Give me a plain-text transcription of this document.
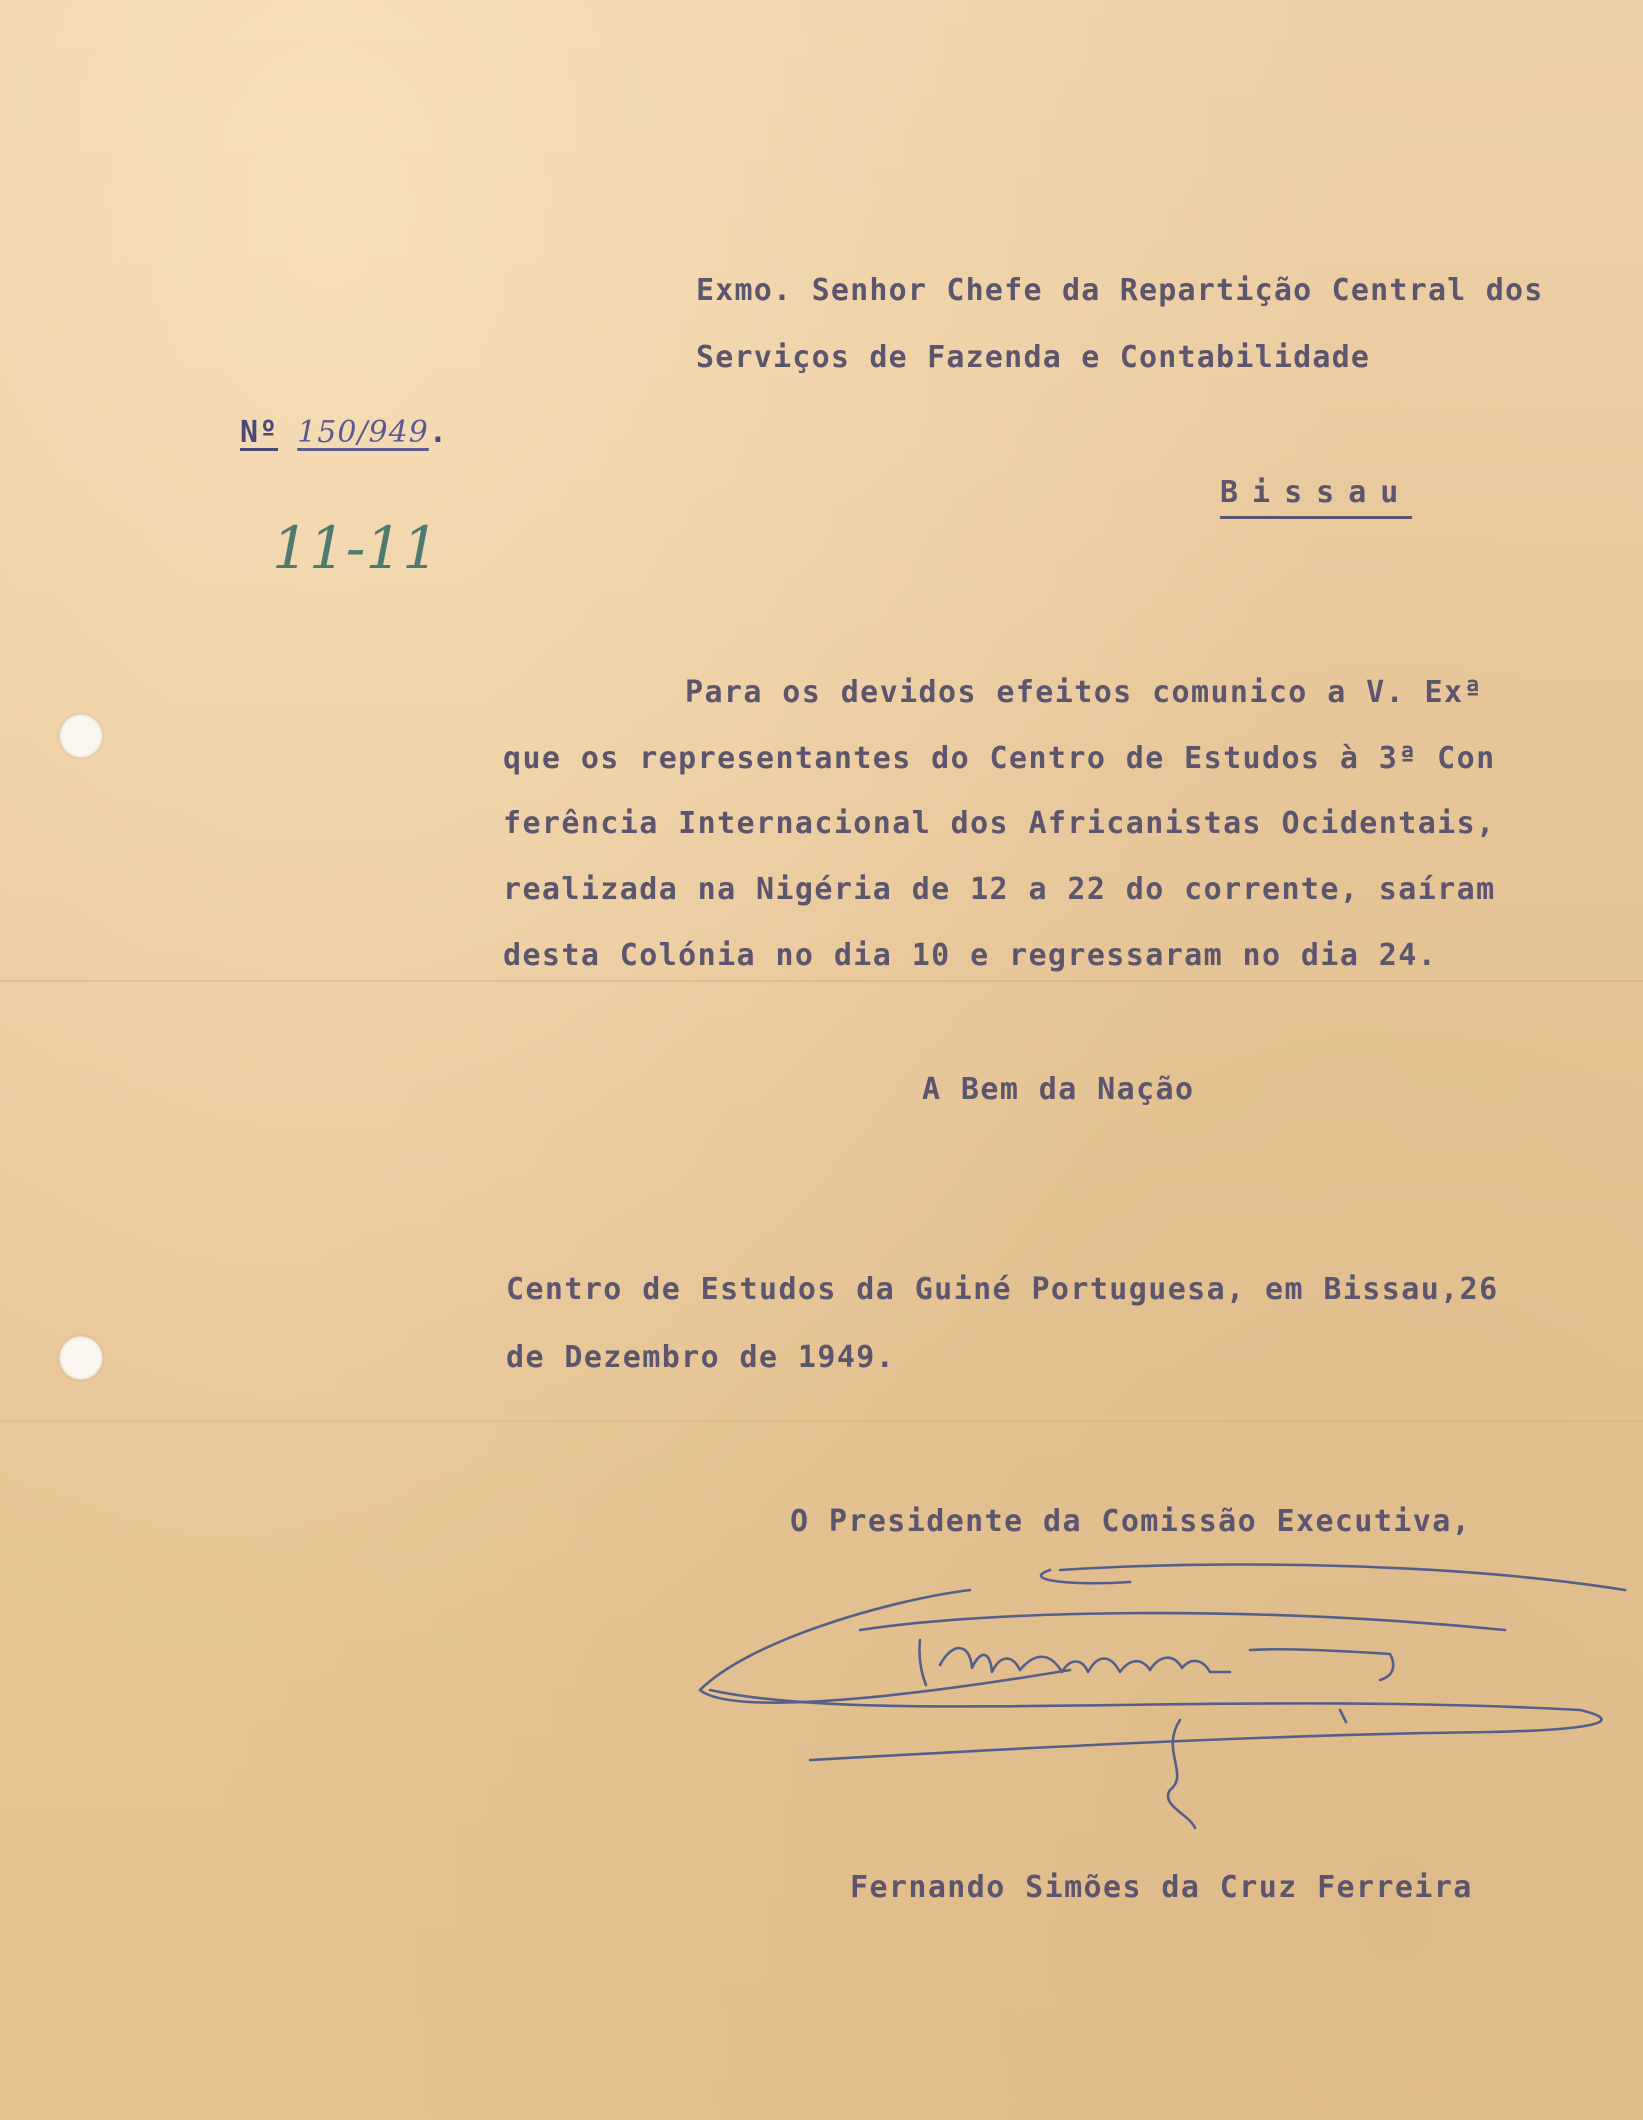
Exmo. Senhor Chefe da Repartição Central dos
Serviços de Fazenda e Contabilidade
Nº 150/949.
Bissau
11-11
Para os devidos efeitos comunico a V. Exª
que os representantes do Centro de Estudos à 3ª Con
ferência Internacional dos Africanistas Ocidentais,
realizada na Nigéria de 12 a 22 do corrente, saíram
desta Colónia no dia 10 e regressaram no dia 24.
A Bem da Nação
Centro de Estudos da Guiné Portuguesa, em Bissau,26
de Dezembro de 1949.
O Presidente da Comissão Executiva,
Fernando Simões da Cruz Ferreira
